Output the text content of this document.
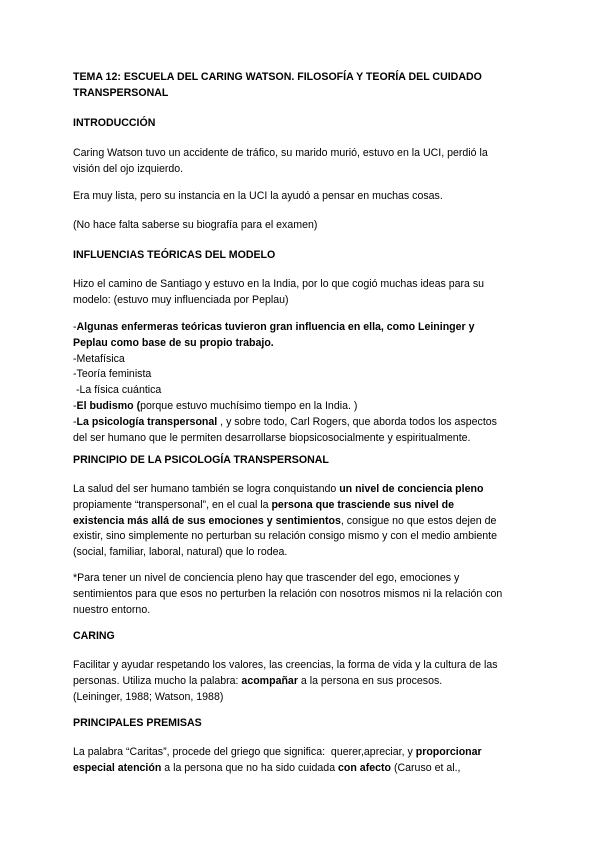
TEMA 12: ESCUELA DEL CARING WATSON. FILOSOFÍA Y TEORÍA DEL CUIDADO
TRANSPERSONAL
INTRODUCCIÓN
Caring Watson tuvo un accidente de tráfico, su marido murió, estuvo en la UCI, perdió la
visión del ojo izquierdo.
Era muy lista, pero su instancia en la UCI la ayudó a pensar en muchas cosas.
(No hace falta saberse su biografía para el examen)
INFLUENCIAS TEÓRICAS DEL MODELO
Hizo el camino de Santiago y estuvo en la India, por lo que cogió muchas ideas para su
modelo: (estuvo muy influenciada por Peplau)
-Algunas enfermeras teóricas tuvieron gran influencia en ella, como Leininger y
Peplau como base de su propio trabajo.
-Metafísica
-Teoría feminista
-La física cuántica
-El budismo (porque estuvo muchísimo tiempo en la India. )
-La psicología transpersonal , y sobre todo, Carl Rogers, que aborda todos los aspectos
del ser humano que le permiten desarrollarse biopsicosocialmente y espiritualmente.
PRINCIPIO DE LA PSICOLOGÍA TRANSPERSONAL
La salud del ser humano también se logra conquistando un nivel de conciencia pleno
propiamente “transpersonal”, en el cual la persona que trasciende sus nivel de
existencia más allá de sus emociones y sentimientos, consigue no que estos dejen de
existir, sino simplemente no perturban su relación consigo mismo y con el medio ambiente
(social, familiar, laboral, natural) que lo rodea.
*Para tener un nivel de conciencia pleno hay que trascender del ego, emociones y
sentimientos para que esos no perturben la relación con nosotros mismos ni la relación con
nuestro entorno.
CARING
Facilitar y ayudar respetando los valores, las creencias, la forma de vida y la cultura de las
personas. Utiliza mucho la palabra: acompañar a la persona en sus procesos.
(Leininger, 1988; Watson, 1988)
PRINCIPALES PREMISAS
La palabra “Caritas”, procede del griego que significa:  querer,apreciar, y proporcionar
especial atención a la persona que no ha sido cuidada con afecto (Caruso et al.,
